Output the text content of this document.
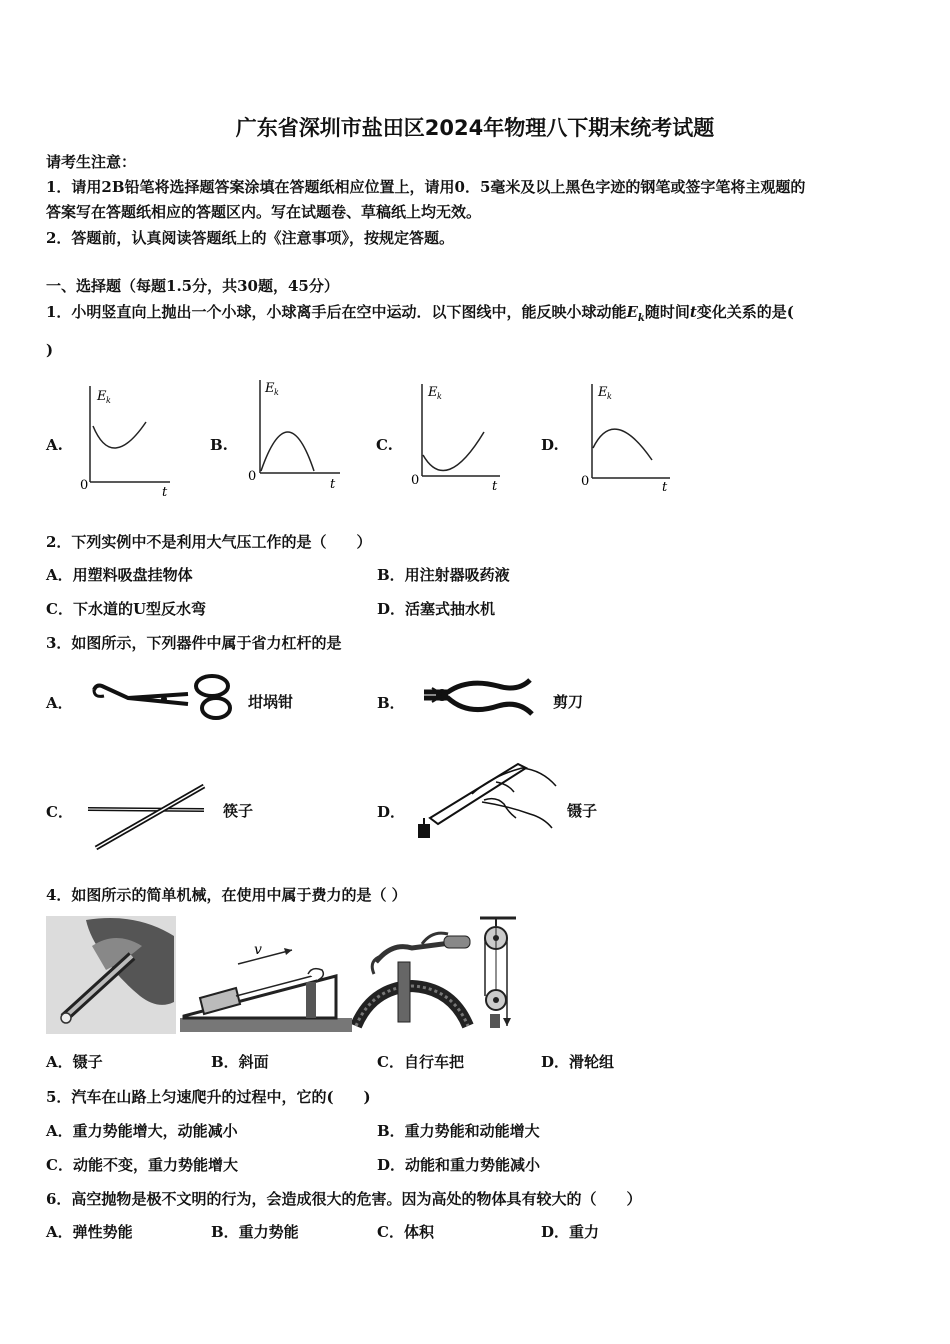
广东省深圳市盐田区2024年物理八下期末统考试题
请考生注意：
1．请用2B铅笔将选择题答案涂填在答题纸相应位置上，请用0．5毫米及以上黑色字迹的钢笔或签字笔将主观题的
答案写在答题纸相应的答题区内。写在试题卷、草稿纸上均无效。
2．答题前，认真阅读答题纸上的《注意事项》，按规定答题。
一、选择题（每题1.5分，共30题，45分）
1．小明竖直向上抛出一个小球，小球离手后在空中运动．以下图线中，能反映小球动能$E_k$随时间t变化关系的是(
)
A.
E k
0	t
B.
E k
0
t
C.
E k
0	t
D.
E k
0	t
2．下列实例中不是利用大气压工作的是（　　）
A．用塑料吸盘挂物体	B．用注射器吸药液
C．下水道的U型反水弯	D．活塞式抽水机
3．如图所示，下列器件中属于省力杠杆的是
A．	坩埚钳	B．	剪刀
C．	筷子	D．	镊子
4．如图所示的简单机械，在使用中属于费力的是（ ）
v
A．镊子	B．斜面	C．自行车把	D．滑轮组
5．汽车在山路上匀速爬升的过程中，它的(　　)
A．重力势能增大，动能减小	B．重力势能和动能增大
C．动能不变，重力势能增大	D．动能和重力势能减小
6．高空抛物是极不文明的行为，会造成很大的危害。因为高处的物体具有较大的（　　）
A．弹性势能	B．重力势能	C．体积	D．重力
